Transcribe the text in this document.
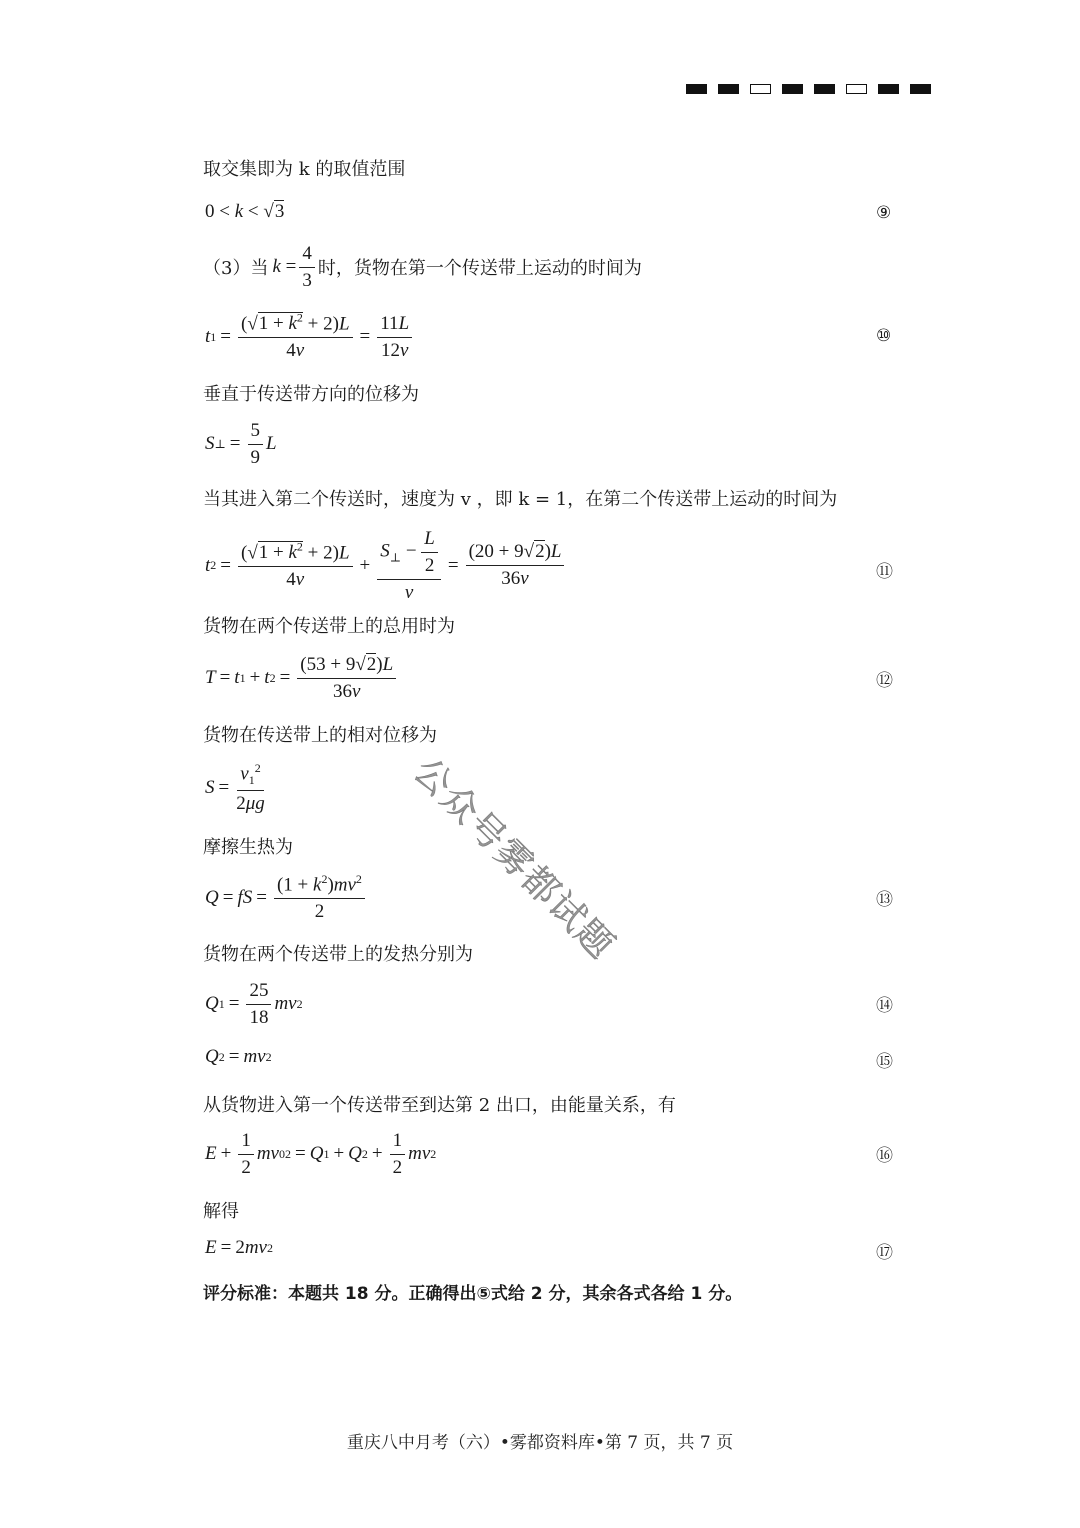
取交集即为 k 的取值范围
0 < k < √ 3	⑨
（3）当 $k = \frac{4}{3}$ 时，货物在第一个传送带上运动的时间为
t $1 = \frac{(√1 + k^2 + 2)L}{4v} = \frac{11L}{12v}$	⑩
垂直于传送带方向的位移为
S ⊥ = $\frac{5}{9}$ L
当其进入第二个传送时，速度为 v ，即 k = 1，在第二个传送带上运动的时间为
t $2 = \frac{(√1 + k^2 + 2)L}{4v} + \frac{S_\perp - \frac{L}{2}}{v} = \frac{(20 + 9√2)L}{36v}$	⑪
货物在两个传送带上的总用时为
T = t 1 + t $2 = \frac{(53 + 9√2)L}{36v}$	⑫
货物在传送带上的相对位移为
$S = \frac{v_1^2}{2\mu g}$
摩擦生热为
Q = fS = $\frac{(1 + k^2)mv^2}{2}$	⑬
货物在两个传送带上的发热分别为
Q $1 = \frac{25}{18}$ mv 2	⑭
Q 2 = mv 2	⑮
从货物进入第一个传送带至到达第 2 出口，由能量关系，有
$E + \frac{1}{2}$ mv 0 2 = Q 1 + Q $2 + \frac{1}{2}$ mv 2	⑯
解得
E = 2 mv 2	⑰
评分标准：本题共 18 分。正确得出⑤式给 2 分，其余各式各给 1 分。
公众号雾都试题
重庆八中月考（六）•雾都资料库•第 7 页，共 7 页
